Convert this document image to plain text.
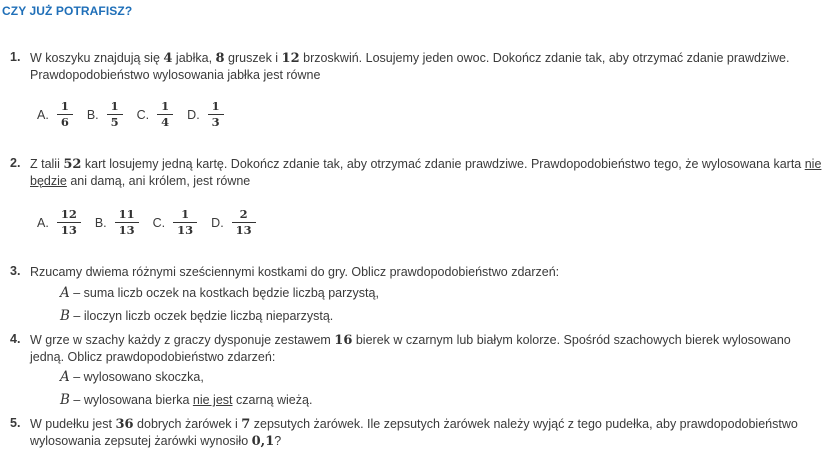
CZY JUŻ POTRAFISZ?
1. W koszyku znajdują się 4 jabłka, 8 gruszek i 12 brzoskwiń. Losujemy jeden owoc. Dokończ zdanie tak, aby otrzymać zdanie prawdziwe.
Prawdopodobieństwo wylosowania jabłka jest równe
A. $\frac{1}{6} B$. $\frac{1}{5} C$. $\frac{1}{4} D$. $\frac{1}{3}$
2. Z talii 52 kart losujemy jedną kartę. Dokończ zdanie tak, aby otrzymać zdanie prawdziwe. Prawdopodobieństwo tego, że wylosowana karta nie
będzie ani damą, ani królem, jest równe
A. $\frac{12}{13} B$. $\frac{11}{13} C$. $\frac{1}{13} D$. $\frac{2}{13}$
3. Rzucamy dwiema różnymi sześciennymi kostkami do gry. Oblicz prawdopodobieństwo zdarzeń:
A – suma liczb oczek na kostkach będzie liczbą parzystą,
B – iloczyn liczb oczek będzie liczbą nieparzystą.
4. W grze w szachy każdy z graczy dysponuje zestawem 16 bierek w czarnym lub białym kolorze. Spośród szachowych bierek wylosowano
jedną. Oblicz prawdopodobieństwo zdarzeń:
A – wylosowano skoczka,
B – wylosowana bierka nie jest czarną wieżą.
5. W pudełku jest 36 dobrych żarówek i 7 zepsutych żarówek. Ile zepsutych żarówek należy wyjąć z tego pudełka, aby prawdopodobieństwo
wylosowania zepsutej żarówki wynosiło 0,1?
